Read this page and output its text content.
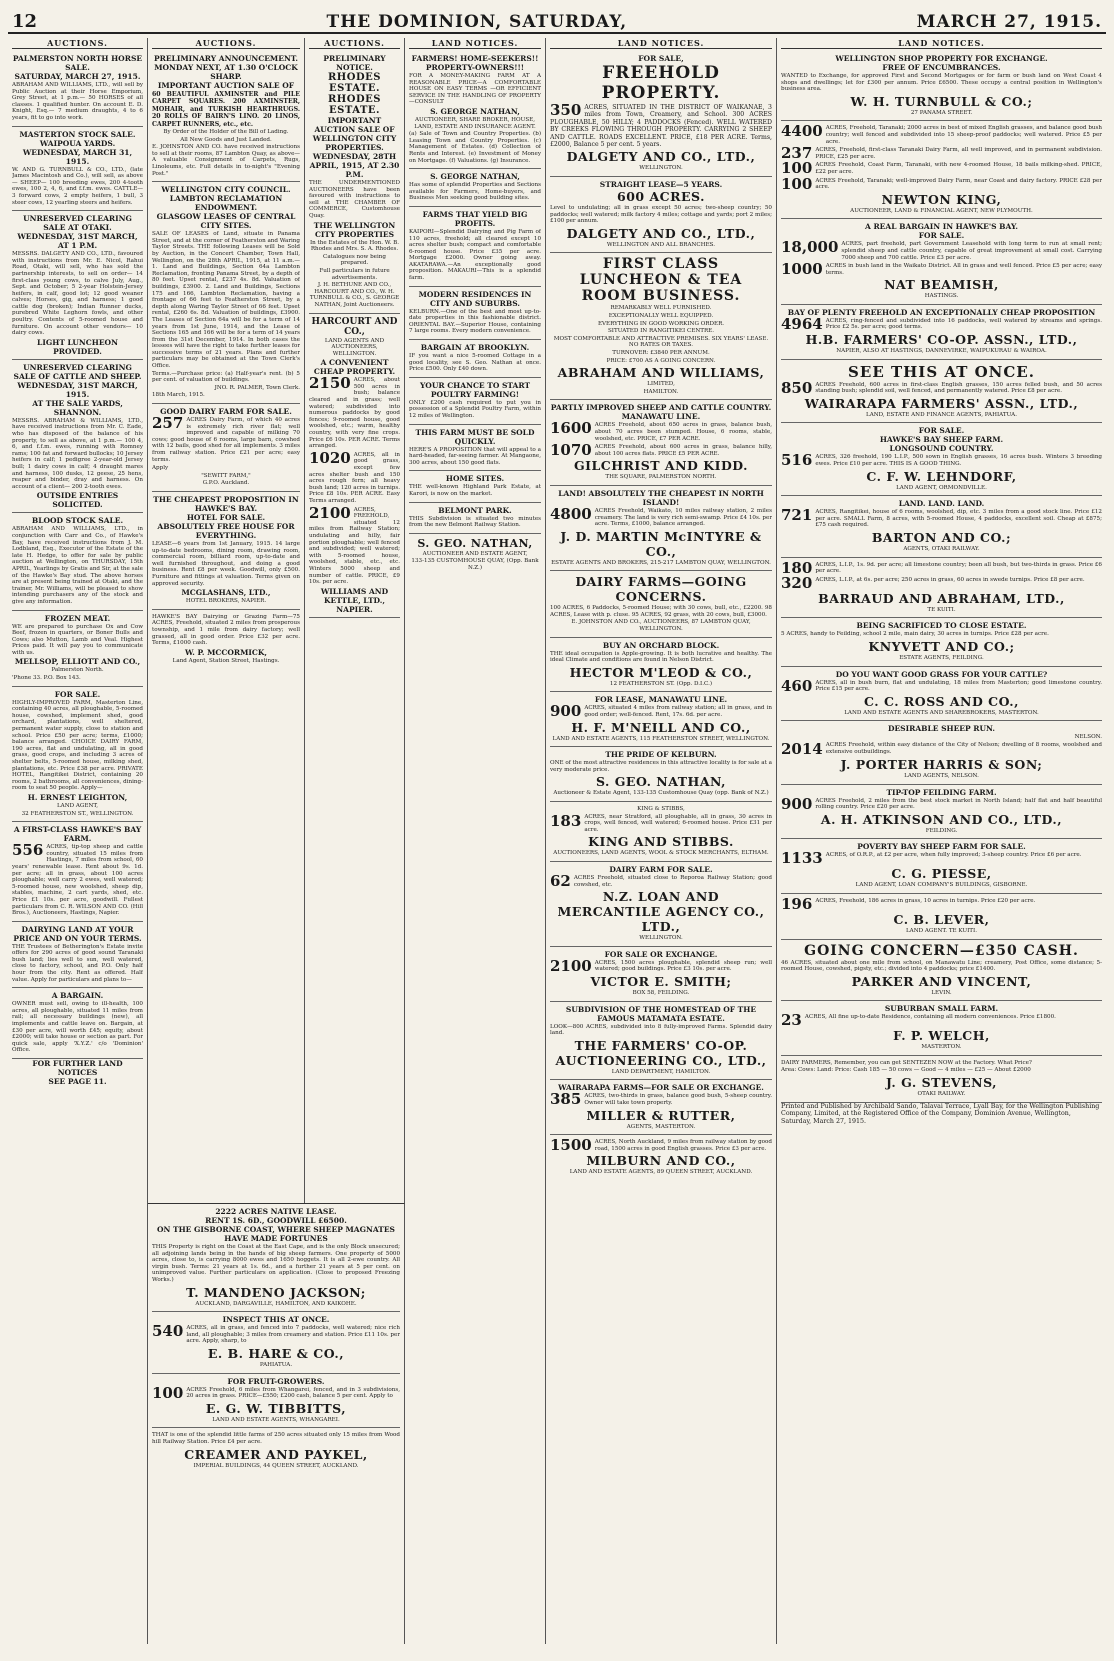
12	THE DOMINION, SATURDAY,	MARCH 27, 1915.
AUCTIONS.
PALMERSTON NORTH HORSE SALE.
SATURDAY, MARCH 27, 1915.
ABRAHAM AND WILLIAMS, LTD., will sell by Public Auction at their Horse Emporium, Grey Street, at 1 p.m.— 50 HORSES of all classes. 1 qualified hunter. On account E. D. Knight, Esq.— 7 medium draughts, 4 to 6 years, fit to go into work.
MASTERTON STOCK SALE.
WAIPOUA YARDS.
WEDNESDAY, MARCH 31, 1915.
W. AND G. TURNBULL & CO., LTD., (late James Macintosh and Co.), will sell, as above— SHEEP— 100 breeding ewes, 200 4-tooth ewes, 100 2, 4, 6, and f.f.m. ewes. CATTLE— 3 forward cows, 2 empty heifers, 1 bull, 3 steer cows, 12 yearling steers and heifers.
UNRESERVED CLEARING SALE AT OTAKI.
WEDNESDAY, 31ST MARCH, AT 1 P.M.
MESSRS. DALGETY AND CO., LTD., favoured with instructions from Mr. E. Nicol, Rahui Road, Otaki, will sell, who has sold the partnership interests, to sell on order— 14 first-class young cows, to calve July, Aug., Sept. and October; 5 2-year Holstein-Jersey heifers, in calf, good lot; 12 good weaner calves; Horses, gig, and harness; 1 good cattle dog (broken); Indian Runner ducks, purebred White Leghorn fowls, and other poultry. Contents of 5-roomed house and furniture. On account other vendors— 10 dairy cows.
LIGHT LUNCHEON PROVIDED.
UNRESERVED CLEARING SALE OF CATTLE AND SHEEP.
WEDNESDAY, 31ST MARCH, 1915.
AT THE SALE YARDS, SHANNON.
MESSRS. ABRAHAM & WILLIAMS, LTD., have received instructions from Mr. C. Eade, who has disposed of the balance of his property, to sell as above, at 1 p.m.— 100 4, 6, and f.f.m. ewes, running with Romney rams; 100 fat and forward bullocks; 10 Jersey heifers in calf; 1 pedigree 2-year-old Jersey bull; 1 dairy cows in calf; 4 draught mares and harness, 100 dusks, 12 geese, 25 hens, reaper and binder, dray and harness. On account of a client— 200 2-tooth ewes.
OUTSIDE ENTRIES SOLICITED.
BLOOD STOCK SALE.
ABRAHAM AND WILLIAMS, LTD., in conjunction with Carr and Co., of Hawke's Bay, have received instructions from J. M. Lodbland, Esq., Executor of the Estate of the late H. Hedge, to offer for sale by public auction at Wellington, on THURSDAY, 15th APRIL, Yearlings by Gratis and Sir, at the sale of the Hawke's Bay stud. The above horses are at present being trained at Otaki, and the trainer, Mr. Williams, will be pleased to show intending purchasers any of the stock and give any information.
FROZEN MEAT.
WE are prepared to purchase Ox and Cow Beef, frozen in quarters, or Boner Bulls and Cows; also Mutton, Lamb and Veal. Highest Prices paid. It will pay you to communicate with us.
MELLSOP, ELLIOTT AND CO.,
Palmerston North.
'Phone 33. P.O. Box 143.
FOR SALE.
HIGHLY-IMPROVED FARM, Masterton Line, containing 40 acres, all ploughable, 5-roomed house, cowshed, implement shed, good orchard, plantations, well sheltered, permanent water supply, close to station and school. Price £50 per acre; terms, £1000; balance arranged. CHOICE DAIRY FARM, 190 acres, flat and undulating, all in good grass, good crops, and including 3 acres of shelter belts, 5-roomed house, milking shed, plantations, etc. Price £38 per acre. PRIVATE HOTEL, Rangitikei District, containing 20 rooms, 2 bathrooms, all conveniences, dining-room to seat 50 people. Apply—
H. ERNEST LEIGHTON,
LAND AGENT,
32 FEATHERSTON ST., WELLINGTON.
A FIRST-CLASS HAWKE'S BAY FARM.
556 ACRES, tip-top sheep and cattle country, situated 15 miles from Hastings, 7 miles from school, 60 years' renewable lease. Rent about 9s. 1d. per acre; all in grass, about 100 acres ploughable; well carry 2 ewes, well watered; 5-roomed house, new woolshed, sheep dip, stables, machine, 2 cart yards, shed, etc. Price £1 10s. per acre, goodwill. Fullest particulars from C. R. WILSON AND CO. (Hill Bros.), Auctioneers, Hastings, Napier.
DAIRYING LAND AT YOUR PRICE AND ON YOUR TERMS.
THE Trustees of Betherington's Estate invite offers for 290 acres of good sound Taranaki bush land; lies well to sun, well watered, close to factory, school, and P.O. Only half hour from the city. Rent as offered. Half value. Apply for particulars and plans to—
A BARGAIN.
OWNER must sell, owing to ill-health, 100 acres, all ploughable, situated 11 miles from rail; all necessary buildings (new), all implements and cattle leave on. Bargain, at £30 per acre, will worth £45; equity, about £2000; will take house or section as part. For quick sale, apply 'X.Y.Z.' c/o 'Dominion' Office.
FOR FURTHER LAND NOTICES
SEE PAGE 11.
AUCTIONS.
PRELIMINARY ANNOUNCEMENT.
MONDAY NEXT, AT 1.30 O'CLOCK SHARP.
IMPORTANT AUCTION SALE OF
60 BEAUTIFUL AXMINSTER and PILE CARPET SQUARES. 200 AXMINSTER, MOHAIR, and TURKISH HEARTHRUGS. 20 ROLLS OF BAIRN'S LINO. 20 LINOS, CARPET RUNNERS, etc., etc.
By Order of the Holder of the Bill of Lading.
All New Goods and Just Landed.
E. JOHNSTON AND CO. have received instructions to sell at their rooms, 87 Lambton Quay, as above— A valuable Consignment of Carpets, Rugs, Linoleums, etc. Full details in to-night's "Evening Post."
WELLINGTON CITY COUNCIL.
LAMBTON RECLAMATION ENDOWMENT.
GLASGOW LEASES OF CENTRAL CITY SITES.
SALE OF LEASES of Land, situate in Panama Street, and at the corner of Featherston and Waring Taylor Streets. THE following Leases will be Sold by Auction, in the Concert Chamber, Town Hall, Wellington, on the 28th APRIL, 1915, at 11 a.m.— 1. Land and Buildings, Section 64a Lambton Reclamation, fronting Panama Street, by a depth of 80 feet. Upset rental, £237 4s. 8d. Valuation of buildings, £3900. 2. Land and Buildings, Sections 175 and 166, Lambton Reclamation, having a frontage of 66 feet to Featherston Street, by a depth along Waring Taylor Street of 66 feet. Upset rental, £260 6s. 8d. Valuation of buildings, £3900. The Leases of Section 64a will be for a term of 14 years from 1st June, 1914, and the Lease of Sections 165 and 166 will be for a term of 14 years from the 31st December, 1914. In both cases the lessees will have the right to take further leases for successive terms of 21 years. Plans and further particulars may be obtained at the Town Clerk's Office.
Terms.—Purchase price: (a) Half-year's rent. (b) 5 per cent. of valuation of buildings.
JNO. R. PALMER, Town Clerk.
18th March, 1915.
GOOD DAIRY FARM FOR SALE.
257 ACRES Dairy Farm, of which 40 acres is extremely rich river flat; well improved and capable of milking 70 cows; good house of 6 rooms, large barn, cowshed with 12 bails, good shed for all implements. 3 miles from railway station. Price £21 per acre; easy terms.
Apply
"SEWITT FARM,"
G.P.O. Auckland.
THE CHEAPEST PROPOSITION IN HAWKE'S BAY.
HOTEL FOR SALE.
ABSOLUTELY FREE HOUSE FOR EVERYTHING.
LEASE—6 years from 1st January, 1915. 14 large up-to-date bedrooms, dining room, drawing room, commercial room, billiard room, up-to-date and well furnished throughout, and doing a good business. Rent £8 per week. Goodwill, only £500. Furniture and fittings at valuation. Terms given on approved security.
MCGLASHANS, LTD.,
HOTEL BROKERS, NAPIER.
HAWKE'S BAY Dairying or Grazing Farm—75 ACRES, Freehold, situated 2 miles from prosperous township, and 1 mile from dairy factory; well grassed, all in good order. Price £32 per acre. Terms, £1000 cash.
W. P. MCCORMICK,
Land Agent, Station Street, Hastings.
AUCTIONS.
PRELIMINARY NOTICE.
RHODES ESTATE. RHODES ESTATE.
IMPORTANT AUCTION SALE OF WELLINGTON CITY PROPERTIES.
WEDNESDAY, 28TH APRIL, 1915, AT 2.30 P.M.
THE UNDERMENTIONED AUCTIONEERS have been favoured with instructions to sell at THE CHAMBER OF COMMERCE, Customhouse Quay.
THE WELLINGTON CITY PROPERTIES
In the Estates of the Hon. W. B. Rhodes and Mrs. S. A. Rhodes.
Catalogues now being prepared.
Full particulars in future advertisements.
J. H. BETHUNE AND CO., HARCOURT AND CO., W. H. TURNBULL & CO., S. GEORGE NATHAN, Joint Auctioneers.
HARCOURT AND CO.,
LAND AGENTS AND AUCTIONEERS, WELLINGTON.
A CONVENIENT CHEAP PROPERTY.
2150 ACRES, about 500 acres in bush; balance cleared and in grass; well watered; subdivided into numerous paddocks by good fences; 9-roomed house, good woolshed, etc.; warm, healthy country, with very fine crops. Price £6 10s. PER ACRE. Terms arranged.
1020 ACRES, all in good grass, except few acres shelter bush and 150 acres rough fern; all heavy bush land; 120 acres in turnips. Price £8 10s. PER ACRE. Easy Terms arranged.
2100 ACRES, FREEHOLD, situated 12 miles from Railway Station; undulating and hilly, fair portion ploughable; well fenced and subdivided; well watered; with 5-roomed house, woolshed, stable, etc., etc. Winters 5000 sheep and number of cattle. PRICE, £9 10s. per acre.
WILLIAMS AND KETTLE, LTD., NAPIER.
LAND NOTICES.
FARMERS! HOME-SEEKERS!! PROPERTY-OWNERS!!!
FOR A MONEY-MAKING FARM AT A REASONABLE PRICE—A COMFORTABLE HOUSE ON EASY TERMS —OR EFFICIENT SERVICE IN THE HANDLING OF PROPERTY—CONSULT
S. GEORGE NATHAN,
AUCTIONEER, SHARE BROKER, HOUSE, LAND, ESTATE AND INSURANCE AGENT.
(a) Sale of Town and Country Properties. (b) Leasing Town and Country Properties. (c) Management of Estates. (d) Collection of Rents and Interest. (e) Investment of Money on Mortgage. (f) Valuations. (g) Insurance.
S. GEORGE NATHAN,
Has some of splendid Properties and Sections available for Farmers, Home-buyers, and Business Men seeking good building sites.
FARMS THAT YIELD BIG PROFITS.
KAIPORI—Splendid Dairying and Pig Farm of 110 acres, freehold; all cleared except 10 acres shelter bush; compact and comfortable 6-roomed house. Price £35 per acre. Mortgage £2000. Owner going away. AKATARAWA.—An exceptionally good proposition. MAKAURI—This is a splendid farm.
MODERN RESIDENCES IN CITY AND SUBURBS.
KELBURN.—One of the best and most up-to-date properties in this fashionable district. ORIENTAL BAY.—Superior House, containing 7 large rooms. Every modern convenience.
BARGAIN AT BROOKLYN.
IF you want a nice 5-roomed Cottage in a good locality, see S. Geo. Nathan at once. Price £500. Only £40 down.
YOUR CHANCE TO START POULTRY FARMING!
ONLY £200 cash required to put you in possession of a Splendid Poultry Farm, within 12 miles of Wellington.
THIS FARM MUST BE SOLD QUICKLY.
HERE'S A PROPOSITION that will appeal to a hard-headed, far-seeing farmer. At Mangaone, 300 acres, about 150 good flats.
HOME SITES.
THE well-known Highland Park Estate, at Karori, is now on the market.
BELMONT PARK.
THIS Subdivision is situated two minutes from the new Belmont Railway Station.
S. GEO. NATHAN,
AUCTIONEER AND ESTATE AGENT,
133-135 CUSTOMHOUSE QUAY, (Opp. Bank N.Z.)
2222 ACRES NATIVE LEASE.
RENT 1S. 6D., GOODWILL £6500.
ON THE GISBORNE COAST, WHERE SHEEP MAGNATES HAVE MADE FORTUNES
THIS Property is right on the Coast at the East Cape, and is the only Block unsecured; all adjoining lands being in the hands of big sheep farmers. One property of 5000 acres, close to, is carrying 8000 ewes and 1650 hoggets. It is all 2-ewe country. All virgin bush. Terms: 21 years at 1s. 6d., and a further 21 years at 5 per cent. on unimproved value. Further particulars on application. (Close to proposed Freezing Works.)
T. MANDENO JACKSON;
AUCKLAND, DARGAVILLE, HAMILTON, AND KAIKOHE.
INSPECT THIS AT ONCE.
540 ACRES, all in grass, and fenced into 7 paddocks, well watered; nice rich land, all ploughable; 3 miles from creamery and station. Price £11 10s. per acre. Apply, sharp, to
E. B. HARE & CO.,
PAHIATUA.
FOR FRUIT-GROWERS.
100 ACRES Freehold, 6 miles from Whangarei, fenced, and in 3 subdivisions, 20 acres in grass. PRICE—£550; £200 cash, balance 5 per cent. Apply to
E. G. W. TIBBITTS,
LAND AND ESTATE AGENTS, WHANGAREI.
THAT is one of the splendid little farms of 250 acres situated only 15 miles from Wood hill Railway Station. Price £4 per acre.
CREAMER AND PAYKEL,
IMPERIAL BUILDINGS, 44 QUEEN STREET, AUCKLAND.
LAND NOTICES.
FOR SALE,
FREEHOLD PROPERTY.
350 ACRES, SITUATED IN THE DISTRICT OF WAIKANAE, 3 miles from Town, Creamery, and School. 300 ACRES PLOUGHABLE, 50 HILLY; 4 PADDOCKS (Fenced). WELL WATERED BY CREEKS FLOWING THROUGH PROPERTY. CARRYING 2 SHEEP AND CATTLE. ROADS EXCELLENT. PRICE, £18 PER ACRE. Terms, £2000, Balance 5 per cent. 5 years.
DALGETY AND CO., LTD.,
WELLINGTON.
STRAIGHT LEASE—5 YEARS.
600 ACRES.
Level to undulating; all in grass except 50 acres; two-sheep country; 50 paddocks; well watered; milk factory 4 miles; cottage and yards; port 2 miles; £100 per annum.
DALGETY AND CO., LTD.,
WELLINGTON AND ALL BRANCHES.
FIRST CLASS LUNCHEON & TEA ROOM BUSINESS.
REMARKABLY WELL FURNISHED.
EXCEPTIONALLY WELL EQUIPPED.
EVERYTHING IN GOOD WORKING ORDER.
SITUATED IN RANGITIKEI CENTRE.
MOST COMFORTABLE AND ATTRACTIVE PREMISES. SIX YEARS' LEASE. NO RATES OR TAXES.
TURNOVER: £3840 PER ANNUM.
PRICE: £700 AS A GOING CONCERN.
ABRAHAM AND WILLIAMS,
LIMITED,
HAMILTON.
PARTLY IMPROVED SHEEP AND CATTLE COUNTRY.
MANAWATU LINE.
1600 ACRES Freehold, about 650 acres in grass, balance bush, about 70 acres been stumped. House, 6 rooms, stable, woolshed, etc. PRICE, £7 PER ACRE.
1070 ACRES Freehold, about 600 acres in grass, balance hilly, about 100 acres flats. PRICE £5 PER ACRE.
GILCHRIST AND KIDD.
THE SQUARE, PALMERSTON NORTH.
LAND! ABSOLUTELY THE CHEAPEST IN NORTH ISLAND!
4800 ACRES Freehold, Waikato, 10 miles railway station, 2 miles creamery. The land is very rich semi-swamp. Price £4 10s. per acre. Terms, £1000, balance arranged.
J. D. MARTIN McINTYRE & CO.,
ESTATE AGENTS AND BROKERS, 215-217 LAMBTON QUAY, WELLINGTON.
DAIRY FARMS—GOING CONCERNS.
100 ACRES, 6 Paddocks, 5-roomed House; with 30 cows, bull, etc., £2200. 98 ACRES, Lease with p. cluse. 95 ACRES, 92 grass, with 20 cows, bull, £3000.
E. JOHNSTON AND CO., AUCTIONEERS, 87 LAMBTON QUAY, WELLINGTON.
BUY AN ORCHARD BLOCK.
THE ideal occupation is Apple-growing. It is both lucrative and healthy. The ideal Climate and conditions are found in Nelson District.
HECTOR M'LEOD & CO.,
12 FEATHERSTON ST. (Opp. D.I.C.)
FOR LEASE, MANAWATU LINE.
900 ACRES, situated 4 miles from railway station; all in grass, and in good order; well-fenced. Rent, 17s. 6d. per acre.
H. F. M'NEILL AND CO.,
LAND AND ESTATE AGENTS, 115 FEATHERSTON STREET, WELLINGTON.
THE PRIDE OF KELBURN.
ONE of the most attractive residences in this attractive locality is for sale at a very moderate price.
S. GEO. NATHAN,
Auctioneer & Estate Agent, 133-135 Customhouse Quay (opp. Bank of N.Z.)
KING & STIBBS,
183 ACRES, near Stratford, all ploughable, all in grass, 30 acres in crops, well fenced, well watered; 6-roomed house. Price £31 per acre.
KING AND STIBBS.
AUCTIONEERS, LAND AGENTS, WOOL & STOCK MERCHANTS, ELTHAM.
DAIRY FARM FOR SALE.
62 ACRES Freehold, situated close to Reporoa Railway Station; good cowshed, etc.
N.Z. LOAN AND MERCANTILE AGENCY CO., LTD.,
WELLINGTON.
FOR SALE OR EXCHANGE.
2100 ACRES, 1500 acres ploughable, splendid sheep run; well watered; good buildings. Price £3 10s. per acre.
VICTOR E. SMITH;
BOX 58, FEILDING.
SUBDIVISION OF THE HOMESTEAD OF THE FAMOUS MATAMATA ESTATE.
LOOK—800 ACRES, subdivided into 8 fully-improved Farms. Splendid dairy land.
THE FARMERS' CO-OP. AUCTIONEERING CO., LTD.,
LAND DEPARTMENT, HAMILTON.
WAIRARAPA FARMS—FOR SALE OR EXCHANGE.
385 ACRES, two-thirds in grass, balance good bush, 5-sheep country. Owner will take town property.
MILLER & RUTTER,
AGENTS, MASTERTON.
1500 ACRES, North Auckland, 9 miles from railway station by good road, 1500 acres in good English grasses. Price £3 per acre.
MILBURN AND CO.,
LAND AND ESTATE AGENTS, 89 QUEEN STREET, AUCKLAND.
LAND NOTICES.
WELLINGTON SHOP PROPERTY FOR EXCHANGE.
FREE OF ENCUMBRANCES.
WANTED to Exchange, for approved First and Second Mortgages or for farm or bush land on West Coast 4 shops and dwellings; let for £300 per annum. Price £6500. These occupy a central position in Wellington's business area.
W. H. TURNBULL & CO.;
27 PANAMA STREET.
4400 ACRES, Freehold, Taranaki; 2000 acres in best of mixed English grasses, and balance good bush country; well fenced and subdivided into 15 sheep-proof paddocks; well watered. Price £5 per acre.
237 ACRES, Freehold, first-class Taranaki Dairy Farm, all well improved, and in permanent subdivision. PRICE, £25 per acre.
100 ACRES Freehold, Coast Farm, Taranaki, with new 4-roomed House, 18 bails milking-shed. PRICE, £22 per acre.
100 ACRES Freehold, Taranaki; well-improved Dairy Farm, near Coast and dairy factory. PRICE £28 per acre.
NEWTON KING,
AUCTIONEER, LAND & FINANCIAL AGENT, NEW PLYMOUTH.
A REAL BARGAIN IN HAWKE'S BAY.
FOR SALE.
18,000 ACRES, part freehold, part Government Leasehold with long term to run at small rent; splendid sheep and cattle country, capable of great improvement at small cost. Carrying 7000 sheep and 700 cattle. Price £3 per acre.
1000 ACRES in bush land in the Waikato District. All in grass and well fenced. Price £5 per acre; easy terms.
NAT BEAMISH,
HASTINGS.
BAY OF PLENTY FREEHOLD AN EXCEPTIONALLY CHEAP PROPOSITION
4964 ACRES, ring-fenced and subdivided into 16 paddocks, well watered by streams and springs. Price £2 5s. per acre; good terms.
H.B. FARMERS' CO-OP. ASSN., LTD.,
NAPIER, ALSO AT HASTINGS, DANNEVIRKE, WAIPUKURAU & WAIROA.
SEE THIS AT ONCE.
850 ACRES Freehold, 600 acres in first-class English grasses, 150 acres felled bush, and 50 acres standing bush; splendid soil, well fenced, and permanently watered. Price £8 per acre.
WAIRARAPA FARMERS' ASSN., LTD.,
LAND, ESTATE AND FINANCE AGENTS, PAHIATUA.
FOR SALE.
HAWKE'S BAY SHEEP FARM.
LONGSOUND COUNTRY.
516 ACRES, 326 freehold, 190 L.I.P., 500 sown in English grasses, 16 acres bush. Winters 3 breeding ewes. Price £10 per acre. THIS IS A GOOD THING.
C. F. W. LEHNDORF,
LAND AGENT, ORMONDVILLE.
LAND. LAND. LAND.
721 ACRES, Rangitikei, house of 6 rooms, woolshed, dip, etc. 3 miles from a good stock line. Price £12 per acre. SMALL Farm, 8 acres, with 5-roomed House, 4 paddocks, excellent soil. Cheap at £875; £75 cash required.
BARTON AND CO.;
AGENTS, OTAKI RAILWAY.
180 ACRES, L.I.P., 1s. 9d. per acre; all limestone country; been all bush, but two-thirds in grass. Price £6 per acre.
320 ACRES, L.I.P., at 6s. per acre; 250 acres in grass, 60 acres in swede turnips. Price £8 per acre.
BARRAUD AND ABRAHAM, LTD.,
TE KUITI.
BEING SACRIFICED TO CLOSE ESTATE.
5 ACRES, handy to Feilding, school 2 mile, main dairy, 30 acres in turnips. Price £28 per acre.
KNYVETT AND CO.;
ESTATE AGENTS, FEILDING.
DO YOU WANT GOOD GRASS FOR YOUR CATTLE?
460 ACRES, all in bush burn, flat and undulating, 18 miles from Masterton; good limestone country. Price £15 per acre.
C. C. ROSS AND CO.,
LAND AND ESTATE AGENTS AND SHAREBROKERS, MASTERTON.
DESIRABLE SHEEP RUN.
NELSON.
2014 ACRES Freehold, within easy distance of the City of Nelson; dwelling of 8 rooms, woolshed and extensive outbuildings.
J. PORTER HARRIS & SON;
LAND AGENTS, NELSON.
TIP-TOP FEILDING FARM.
900 ACRES Freehold, 2 miles from the best stock market in North Island; half flat and half beautiful rolling country. Price £20 per acre.
A. H. ATKINSON AND CO., LTD.,
FEILDING.
POVERTY BAY SHEEP FARM FOR SALE.
1133 ACRES, of O.R.P., at £2 per acre, when fully improved; 3-sheep country. Price £6 per acre.
C. G. PIESSE,
LAND AGENT, LOAN COMPANY'S BUILDINGS, GISBORNE.
196 ACRES, Freehold, 186 acres in grass, 10 acres in turnips. Price £20 per acre.
C. B. LEVER,
LAND AGENT. TE KUITI.
GOING CONCERN—£350 CASH.
46 ACRES, situated about one mile from school, on Manawatu Line; creamery, Post Office, some distance; 5-roomed House, cowshed, pigsty, etc.; divided into 4 paddocks; price £1400.
PARKER AND VINCENT,
LEVIN.
SUBURBAN SMALL FARM.
23 ACRES, All fine up-to-date Residence, containing all modern conveniences. Price £1800.
F. P. WELCH,
MASTERTON.
DAIRY FARMERS, Remember, you can get SENTEZEN NOW at the Factory. What Price?
Area: Cows: Land: Price: Cash 185 — 50 cows — Good — 4 miles — £25 — About £2000
J. G. STEVENS,
OTAKI RAILWAY.
Printed and Published by Archibald Sando, Talavai Terrace, Lyall Bay, for the Wellington Publishing Company, Limited, at the Registered Office of the Company, Dominion Avenue, Wellington, Saturday, March 27, 1915.
